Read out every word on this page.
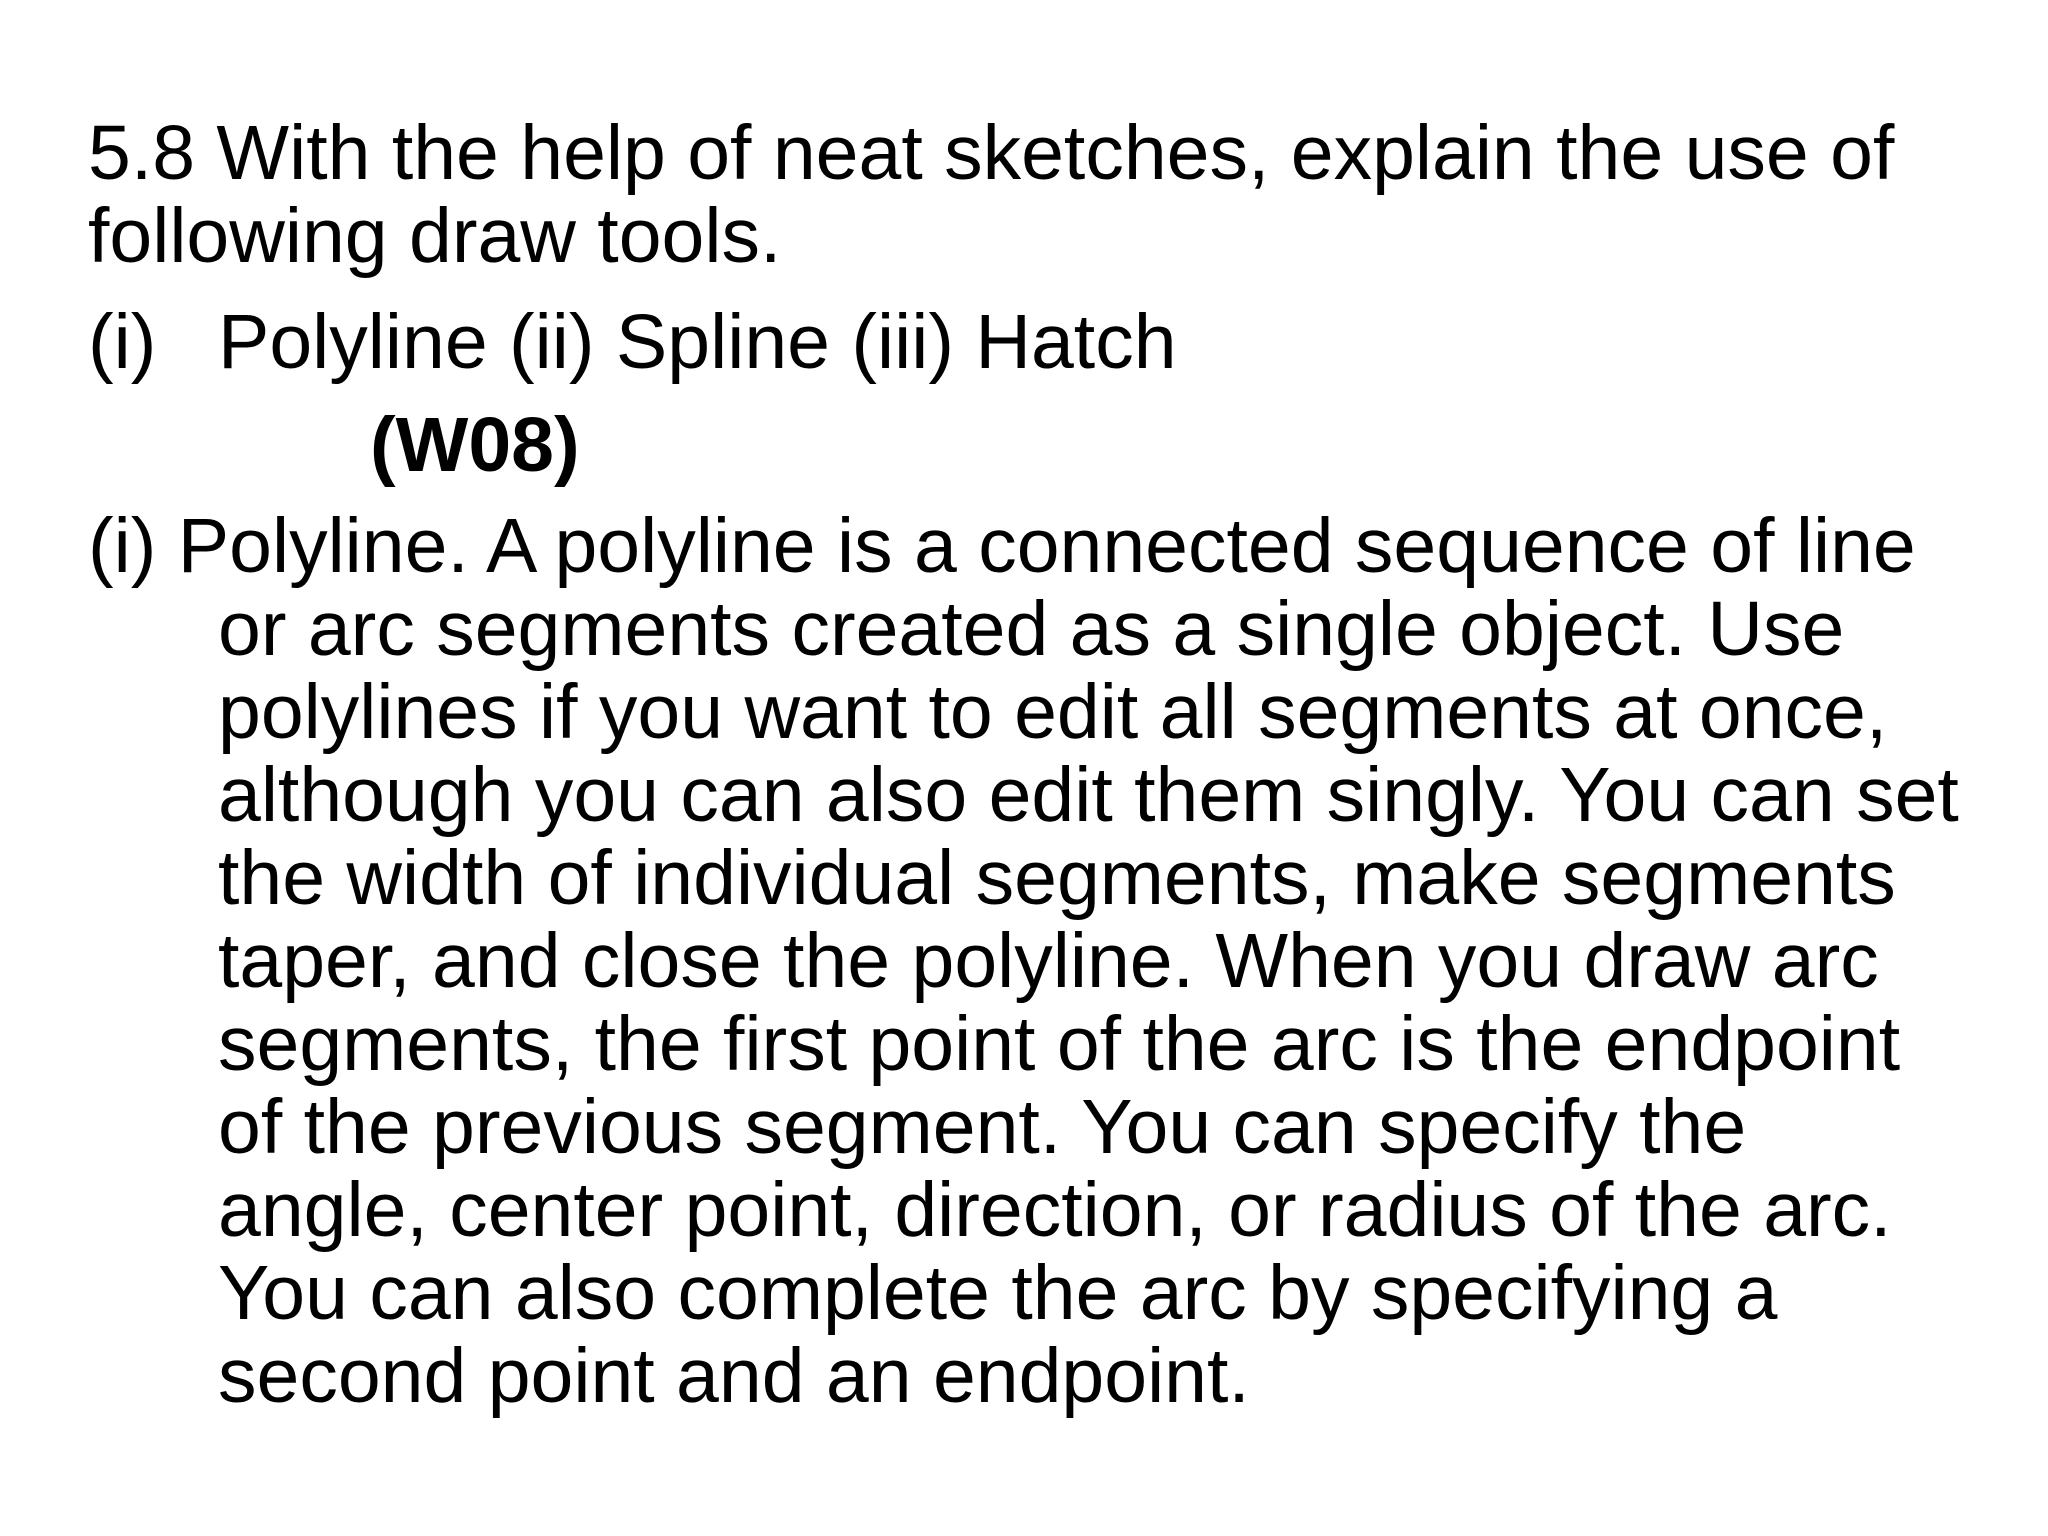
5.8 With the help of neat sketches, explain the use of
following draw tools.
(i) Polyline (ii) Spline (iii) Hatch
(W08)
(i) Polyline. A polyline is a connected sequence of line
or arc segments created as a single object. Use
polylines if you want to edit all segments at once,
although you can also edit them singly. You can set
the width of individual segments, make segments
taper, and close the polyline. When you draw arc
segments, the first point of the arc is the endpoint
of the previous segment. You can specify the
angle, center point, direction, or radius of the arc.
You can also complete the arc by specifying a
second point and an endpoint.
